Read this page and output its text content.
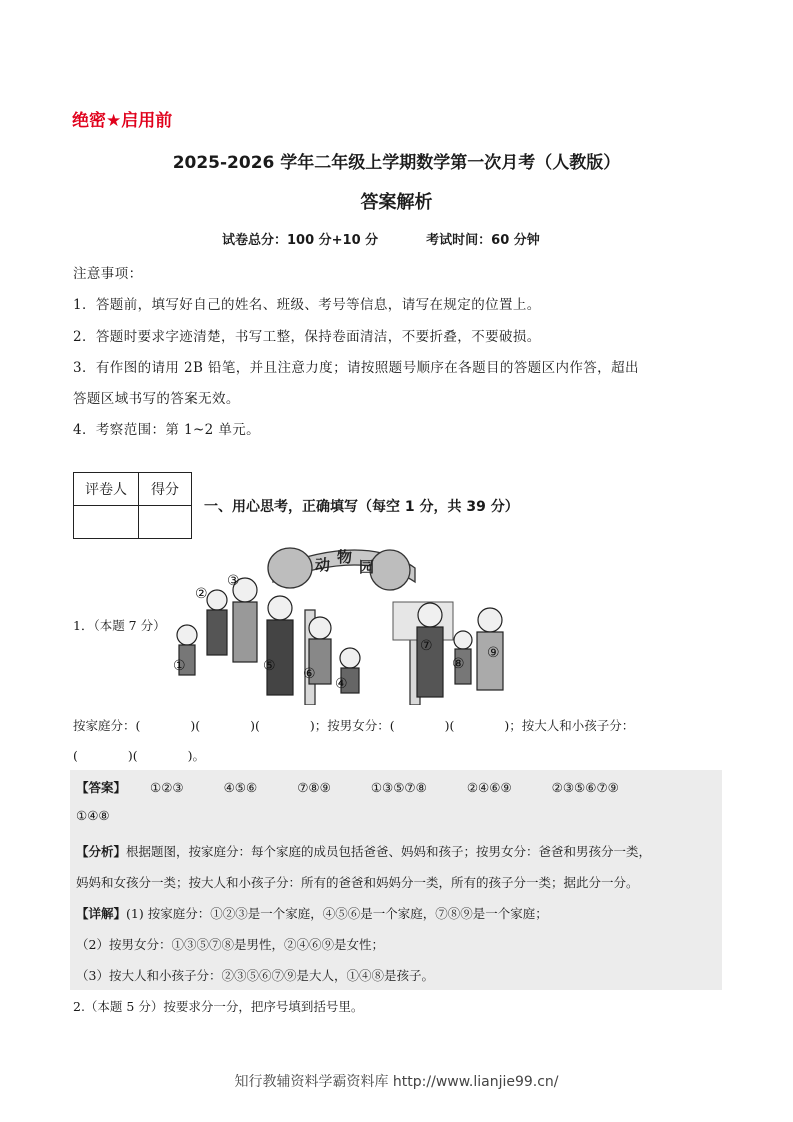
绝密★启用前
2025-2026 学年二年级上学期数学第一次月考（人教版）
答案解析
试卷总分：100 分+10 分	考试时间：60 分钟
注意事项：
1．答题前，填写好自己的姓名、班级、考号等信息，请写在规定的位置上。
2．答题时要求字迹清楚，书写工整，保持卷面清洁，不要折叠，不要破损。
3．有作图的请用 2B 铅笔，并且注意力度；请按照题号顺序在各题目的答题区内作答，超出
答题区域书写的答案无效。
4．考察范围：第 1~2 单元。
评卷人	得分

一、用心思考，正确填写（每空 1 分，共 39 分）
1．（本题 7 分）
动 物
园
①
②
③
④
⑤ ⑥
⑦
⑧
⑨
按家庭分：(　　　　)(　　　　)(　　　　)；按男女分：(　　　　)(　　　　)；按大人和小孩子分：
(　　　　)(　　　　)。
【答案】 ①②③	④⑤⑥	⑦⑧⑨	①③⑤⑦⑧	②④⑥⑨	②③⑤⑥⑦⑨
①④⑧
【分析】根据题图，按家庭分：每个家庭的成员包括爸爸、妈妈和孩子；按男女分：爸爸和男孩分一类，
妈妈和女孩分一类；按大人和小孩子分：所有的爸爸和妈妈分一类，所有的孩子分一类；据此分一分。
【详解】(1) 按家庭分：①②③是一个家庭，④⑤⑥是一个家庭，⑦⑧⑨是一个家庭；
（2）按男女分：①③⑤⑦⑧是男性，②④⑥⑨是女性；
（3）按大人和小孩子分：②③⑤⑥⑦⑨是大人，①④⑧是孩子。
2.（本题 5 分）按要求分一分，把序号填到括号里。
知行教辅资料学霸资料库 http://www.lianjie99.cn/
